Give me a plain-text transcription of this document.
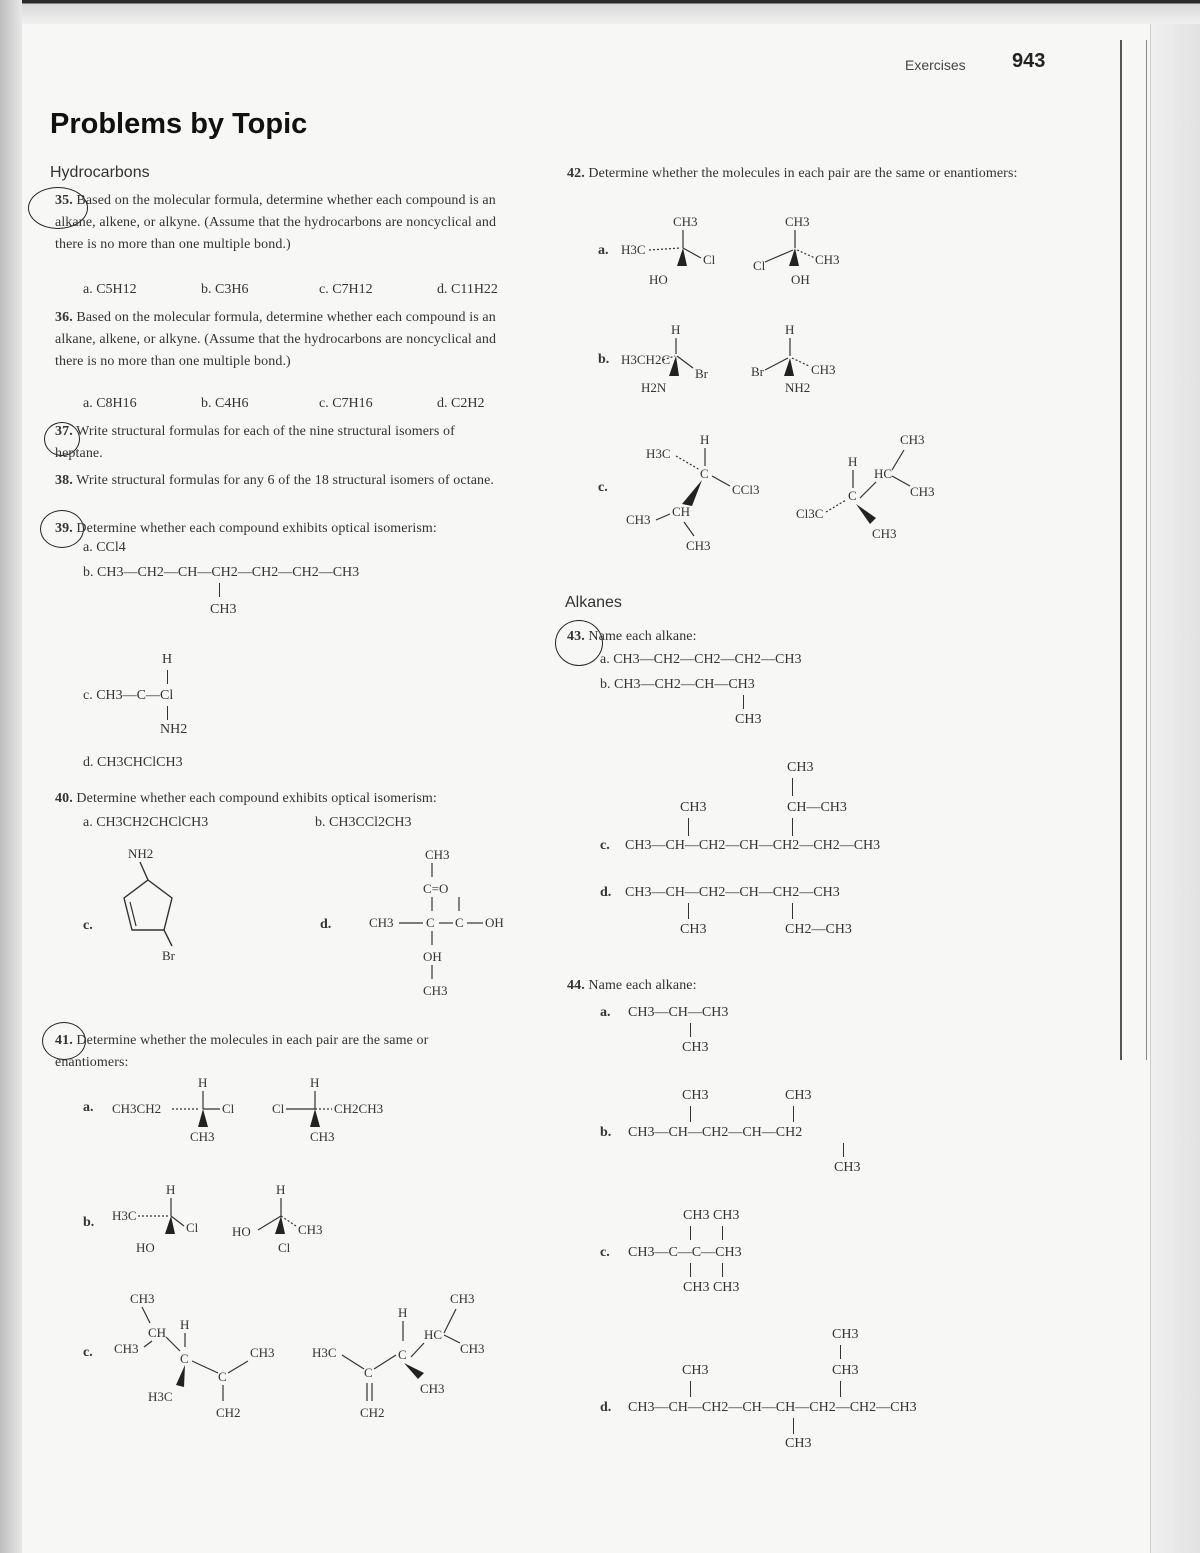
Exercises 943
Problems by Topic
Hydrocarbons
35. Based on the molecular formula, determine whether each compound is an alkane, alkene, or alkyne. (Assume that the hydrocarbons are noncyclical and there is no more than one multiple bond.)
a. C5H12	b. C3H6	c. C7H12	d. C11H22
36. Based on the molecular formula, determine whether each compound is an alkane, alkene, or alkyne. (Assume that the hydrocarbons are noncyclical and there is no more than one multiple bond.)
a. C8H16	b. C4H6	c. C7H16	d. C2H2
37. Write structural formulas for each of the nine structural isomers of heptane.
38. Write structural formulas for any 6 of the 18 structural isomers of octane.
39. Determine whether each compound exhibits optical isomerism:
a. CCl4
b. CH3—CH2—CH—CH2—CH2—CH2—CH3
CH3
H
c. CH3—C—Cl
NH2
d. CH3CHClCH3
40. Determine whether each compound exhibits optical isomerism:
a. CH3CH2CHClCH3	b. CH3CCl2CH3
c.
NH2
Br
d.
CH3
C=O
CH3 C C OH
OH
CH3
41. Determine whether the molecules in each pair are the same or enantiomers:
a.
H
CH3CH2	Cl
CH3
H
Cl	CH2CH3
CH3
b.
H
H3C
Cl
HO
H
HO	CH3
Cl
c.
CH3
CH
H
CH3
C
C
CH3
H3C
CH2
CH3
H
HC
CH3
H3C
C
C
CH3
CH2
42. Determine whether the molecules in each pair are the same or enantiomers:
a.
CH3
H3C
Cl
HO
CH3
Cl	CH3
OH
b.
H
H3CH2C
Br
H2N
H
Br	CH3
NH2
c.
H
H3C
C
CCl3
CH3
CH
CH3
CH3
H
HC
CH3
Cl3C
C
CH3
Alkanes
43. Name each alkane:
a. CH3—CH2—CH2—CH2—CH3
b. CH3—CH2—CH—CH3
CH3
CH3
CH3	CH—CH3
c. CH3—CH—CH2—CH—CH2—CH2—CH3
d. CH3—CH—CH2—CH—CH2—CH3
CH3	CH2—CH3
44. Name each alkane:
a. CH3—CH—CH3
CH3
CH3	CH3
b. CH3—CH—CH2—CH—CH2
CH3
CH3 CH3
c. CH3—C—C—CH3
CH3 CH3
CH3
CH3	CH3
d. CH3—CH—CH2—CH—CH—CH2—CH2—CH3
CH3
